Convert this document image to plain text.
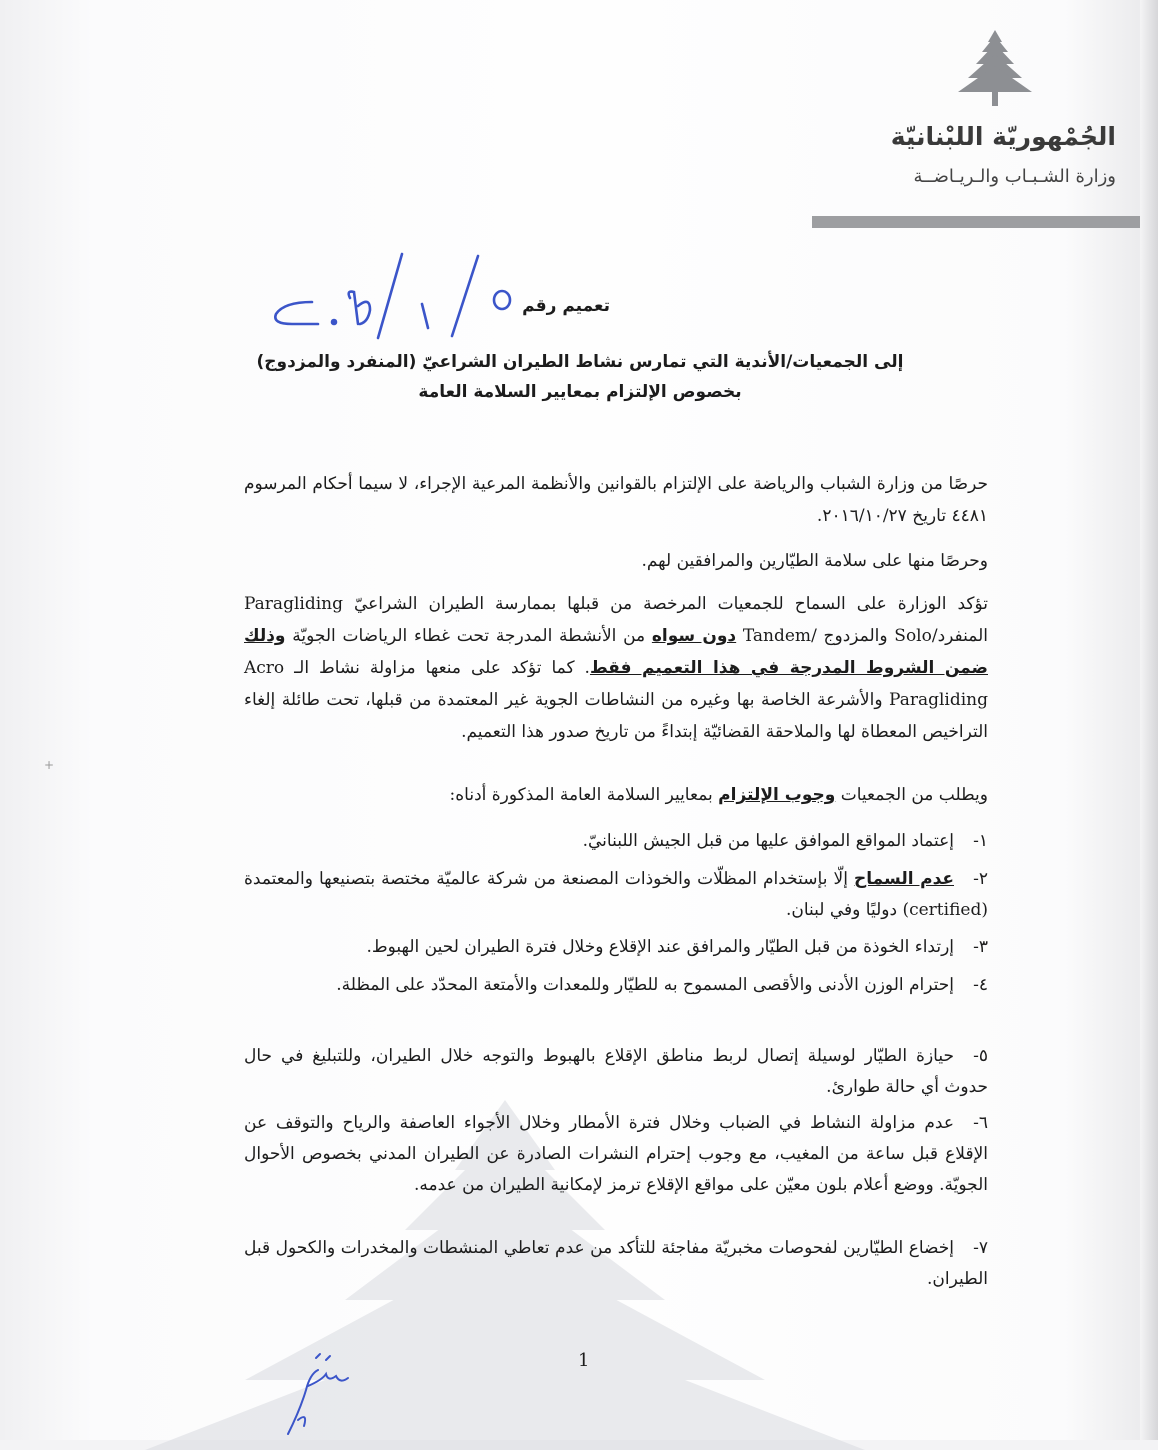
الجُمْهوريّة اللبْنانيّة
وزارة الشـبـاب والـريـاضــة
تعميم رقم
إلى الجمعيات/الأندية التي تمارس نشاط الطيران الشراعيّ (المنفرد والمزدوج)
بخصوص الإلتزام بمعايير السلامة العامة
حرصًا من وزارة الشباب والرياضة على الإلتزام بالقوانين والأنظمة المرعية الإجراء، لا سيما أحكام المرسوم ٤٤٨١ تاريخ ٢٠١٦/١٠/٢٧.
وحرصًا منها على سلامة الطيّارين والمرافقين لهم.
تؤكد الوزارة على السماح للجمعيات المرخصة من قبلها بممارسة الطيران الشراعيّ Paragliding المنفرد/Solo والمزدوج /Tandem دون سواه من الأنشطة المدرجة تحت غطاء الرياضات الجويّة وذلك ضمن الشروط المدرجة في هذا التعميم فقط. كما تؤكد على منعها مزاولة نشاط الـ Acro Paragliding والأشرعة الخاصة بها وغيره من النشاطات الجوية غير المعتمدة من قبلها، تحت طائلة إلغاء التراخيص المعطاة لها والملاحقة القضائيّة إبتداءً من تاريخ صدور هذا التعميم.
ويطلب من الجمعيات وجوب الإلتزام بمعايير السلامة العامة المذكورة أدناه:
١-إعتماد المواقع الموافق عليها من قبل الجيش اللبنانيّ.
٢-عدم السماح إلّا بإستخدام المظلّات والخوذات المصنعة من شركة عالميّة مختصة بتصنيعها والمعتمدة (certified) دوليًا وفي لبنان.
٣-إرتداء الخوذة من قبل الطيّار والمرافق عند الإقلاع وخلال فترة الطيران لحين الهبوط.
٤-إحترام الوزن الأدنى والأقصى المسموح به للطيّار وللمعدات والأمتعة المحدّد على المظلة.
٥-حيازة الطيّار لوسيلة إتصال لربط مناطق الإقلاع بالهبوط والتوجه خلال الطيران، وللتبليغ في حال حدوث أي حالة طوارئ.
٦-عدم مزاولة النشاط في الضباب وخلال فترة الأمطار وخلال الأجواء العاصفة والرياح والتوقف عن الإقلاع قبل ساعة من المغيب، مع وجوب إحترام النشرات الصادرة عن الطيران المدني بخصوص الأحوال الجويّة. ووضع أعلام بلون معيّن على مواقع الإقلاع ترمز لإمكانية الطيران من عدمه.
٧-إخضاع الطيّارين لفحوصات مخبريّة مفاجئة للتأكد من عدم تعاطي المنشطات والمخدرات والكحول قبل الطيران.
1
+
